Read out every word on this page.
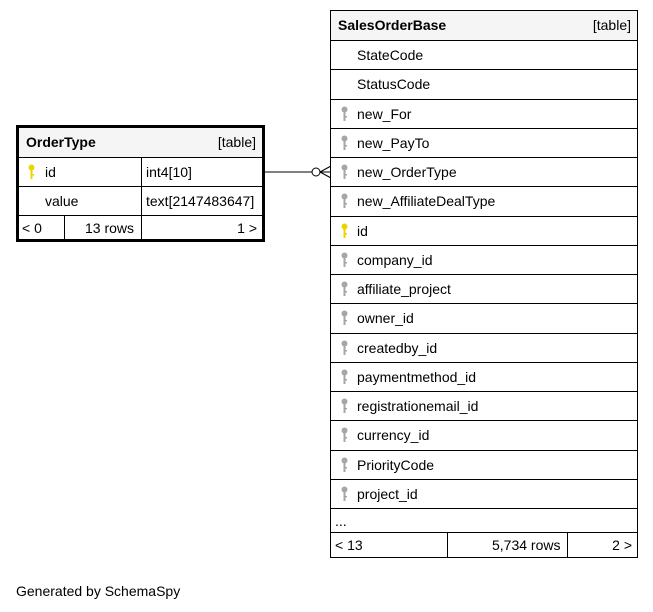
OrderType	[table]
id	int4[10]
value	text[2147483647]
< 0	13 rows	1 >
SalesOrderBase	[table]
StateCode
StatusCode
new_For
new_PayTo
new_OrderType
new_AffiliateDealType
id
company_id
affiliate_project
owner_id
createdby_id
paymentmethod_id
registrationemail_id
currency_id
PriorityCode
project_id
...
< 13	5,734 rows	2 >
Generated by SchemaSpy
